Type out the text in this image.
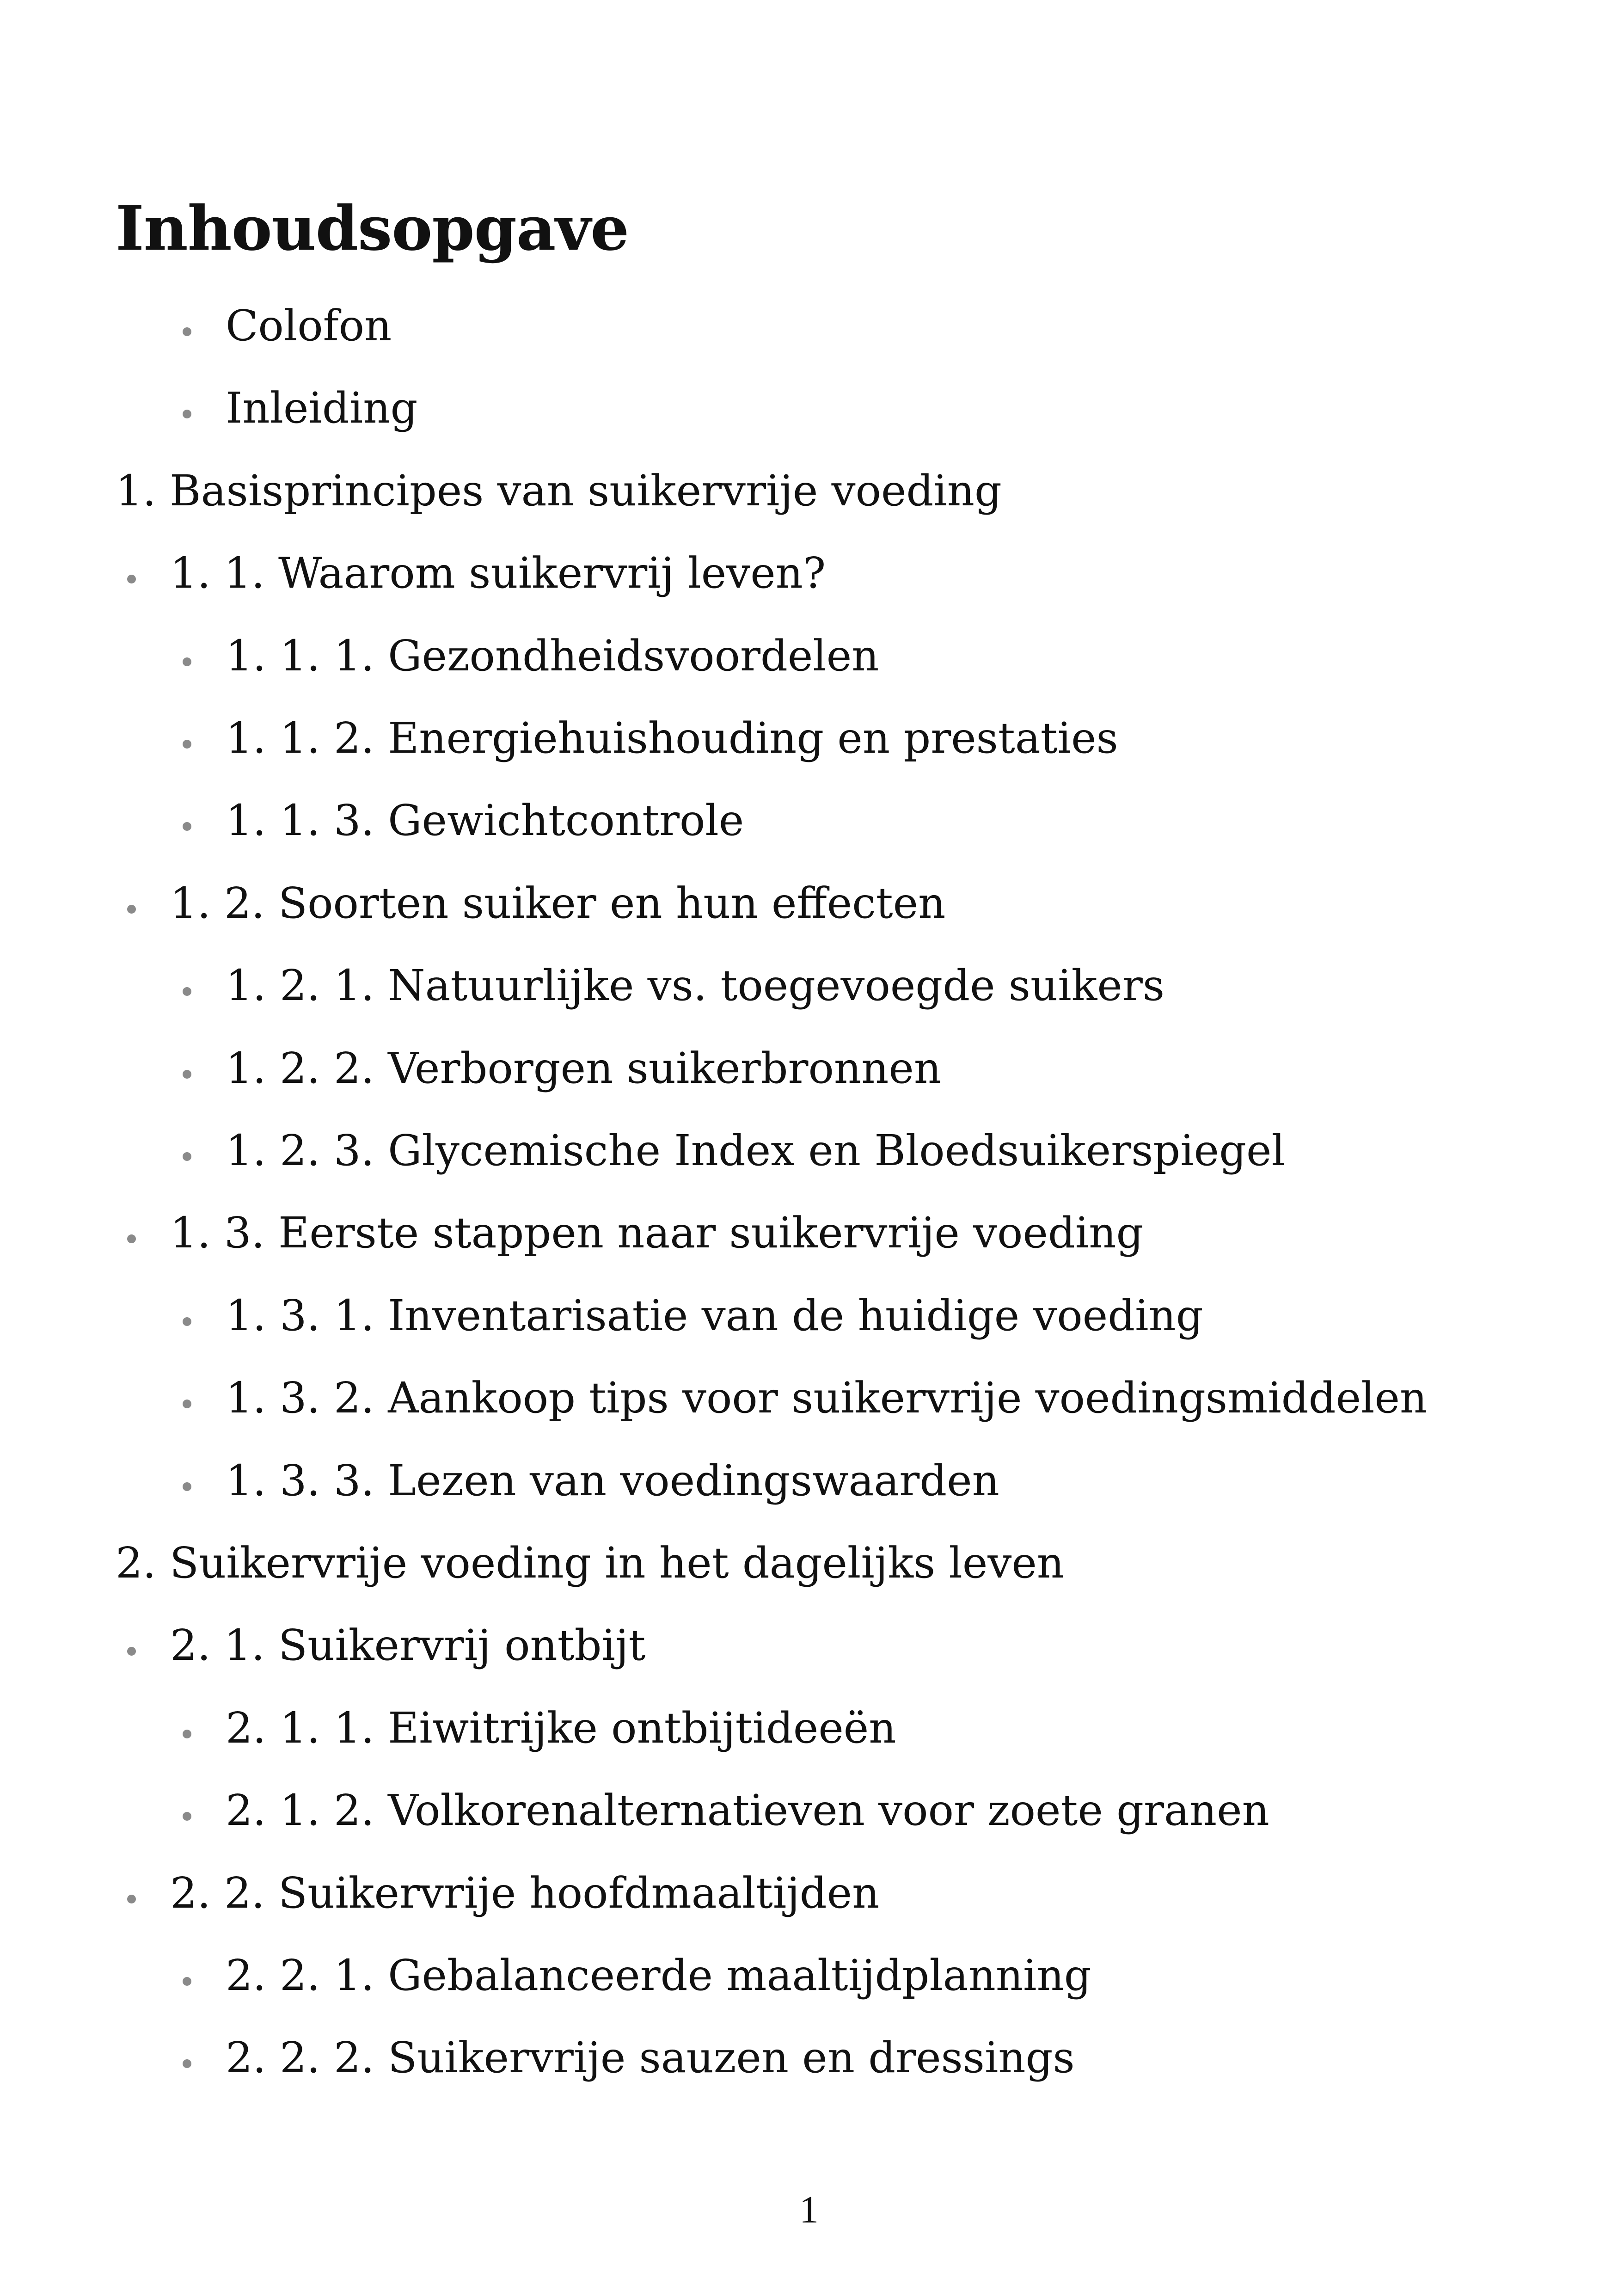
Inhoudsopgave
Colofon
Inleiding
1. Basisprincipes van suikervrije voeding
1. 1. Waarom suikervrij leven?
1. 1. 1. Gezondheidsvoordelen
1. 1. 2. Energiehuishouding en prestaties
1. 1. 3. Gewichtcontrole
1. 2. Soorten suiker en hun effecten
1. 2. 1. Natuurlijke vs. toegevoegde suikers
1. 2. 2. Verborgen suikerbronnen
1. 2. 3. Glycemische Index en Bloedsuikerspiegel
1. 3. Eerste stappen naar suikervrije voeding
1. 3. 1. Inventarisatie van de huidige voeding
1. 3. 2. Aankoop tips voor suikervrije voedingsmiddelen
1. 3. 3. Lezen van voedingswaarden
2. Suikervrije voeding in het dagelijks leven
2. 1. Suikervrij ontbijt
2. 1. 1. Eiwitrijke ontbijtideeën
2. 1. 2. Volkorenalternatieven voor zoete granen
2. 2. Suikervrije hoofdmaaltijden
2. 2. 1. Gebalanceerde maaltijdplanning
2. 2. 2. Suikervrije sauzen en dressings
1
